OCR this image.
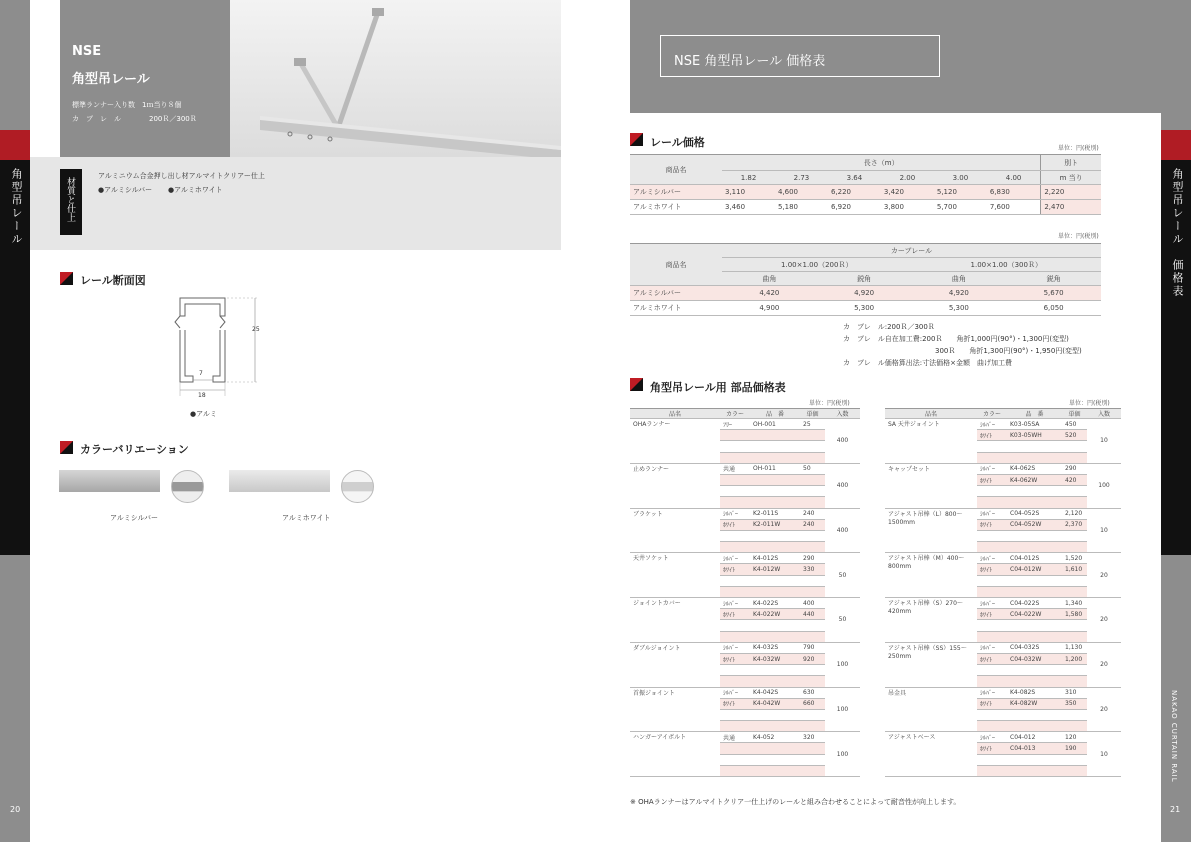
角型吊レール
20
角型吊レール　価格表
NAKAO CURTAIN RAIL
21
NSE
角型吊レール
標準ランナー入り数　1ｍ当り８個
カ　ブ　レ　ル　　　　200Ｒ／300Ｒ
材質と仕上
アルミニウム合金押し出し材アルマイトクリアー仕上
●アルミシルバー ●アルミホワイト
レール断面図
25
7
18
●アルミ
カラーバリエーション
アルミシルバー	アルミホワイト
NSE 角型吊レール 価格表
レール価格	単位：円(税別)
商品名	長さ（m）						別ト
	1.82	2.73	3.64	2.00	3.00	4.00	m 当り
アルミシルバー	3,110	4,600	6,220	3,420	5,120	6,830	2,220
アルミホワイト	3,460	5,180	6,920	3,800	5,700	7,600	2,470
単位：円(税別)
商品名	カーブレール			
	1.00×1.00（200Ｒ）		1.00×1.00（300Ｒ）	
	曲角	鋭角	曲角	鋭角
アルミシルバー	4,420	4,920	4,920	5,670
アルミホワイト	4,900	5,300	5,300	6,050
カ　ブレ　ル:200Ｒ／300Ｒ
カ　ブレ　ル自在加工費:200Ｒ　　角折1,000円(90°)・1,300円(変型)
300Ｒ　　角折1,300円(90°)・1,950円(変型)
カ　ブレ　ル価格算出法:寸法価格×金額　曲げ加工費
角型吊レール用 部品価格表
単位：円(税別)	単位：円(税別)
品名	カラー	品　番	単価	入数
OHAランナー	ﾌﾘｰ	OH-001	25	400

止めランナー	共通	OH-011	50	400

ブラケット	ｼﾙﾊﾞｰ	K2-011S	240	400
	ﾎﾜｲﾄ	K2-011W	240	

天井ソケット	ｼﾙﾊﾞｰ	K4-012S	290	50
	ﾎﾜｲﾄ	K4-012W	330	

ジョイントカバー	ｼﾙﾊﾞｰ	K4-022S	400	50
	ﾎﾜｲﾄ	K4-022W	440	

ダブルジョイント	ｼﾙﾊﾞｰ	K4-032S	790	100
	ﾎﾜｲﾄ	K4-032W	920	

首振ジョイント	ｼﾙﾊﾞｰ	K4-042S	630	100
	ﾎﾜｲﾄ	K4-042W	660	

ハンガーアイボルト	共通	K4-052	320	100

品名	カラー	品　番	単価	入数
SA 天井ジョイント	ｼﾙﾊﾞｰ	K03-05SA	450	10
	ﾎﾜｲﾄ	K03-05WH	520	

キャップセット	ｼﾙﾊﾞｰ	K4-062S	290	100
	ﾎﾜｲﾄ	K4-062W	420	

アジャスト吊棒（L）800〜1500mm	ｼﾙﾊﾞｰ	C04-052S	2,120	10
	ﾎﾜｲﾄ	C04-052W	2,370	

アジャスト吊棒（M）400〜800mm	ｼﾙﾊﾞｰ	C04-012S	1,520	20
	ﾎﾜｲﾄ	C04-012W	1,610	

アジャスト吊棒（S）270〜420mm	ｼﾙﾊﾞｰ	C04-022S	1,340	20
	ﾎﾜｲﾄ	C04-022W	1,580	

アジャスト吊棒（SS）155〜250mm	ｼﾙﾊﾞｰ	C04-032S	1,130	20
	ﾎﾜｲﾄ	C04-032W	1,200	

吊金具	ｼﾙﾊﾞｰ	K4-082S	310	20
	ﾎﾜｲﾄ	K4-082W	350	

アジャストベース	ｼﾙﾊﾞｰ	C04-012	120	10
	ﾎﾜｲﾄ	C04-013	190	

※ OHAランナーはアルマイトクリア一仕上げのレールと組み合わせることによって耐音性が向上します。
